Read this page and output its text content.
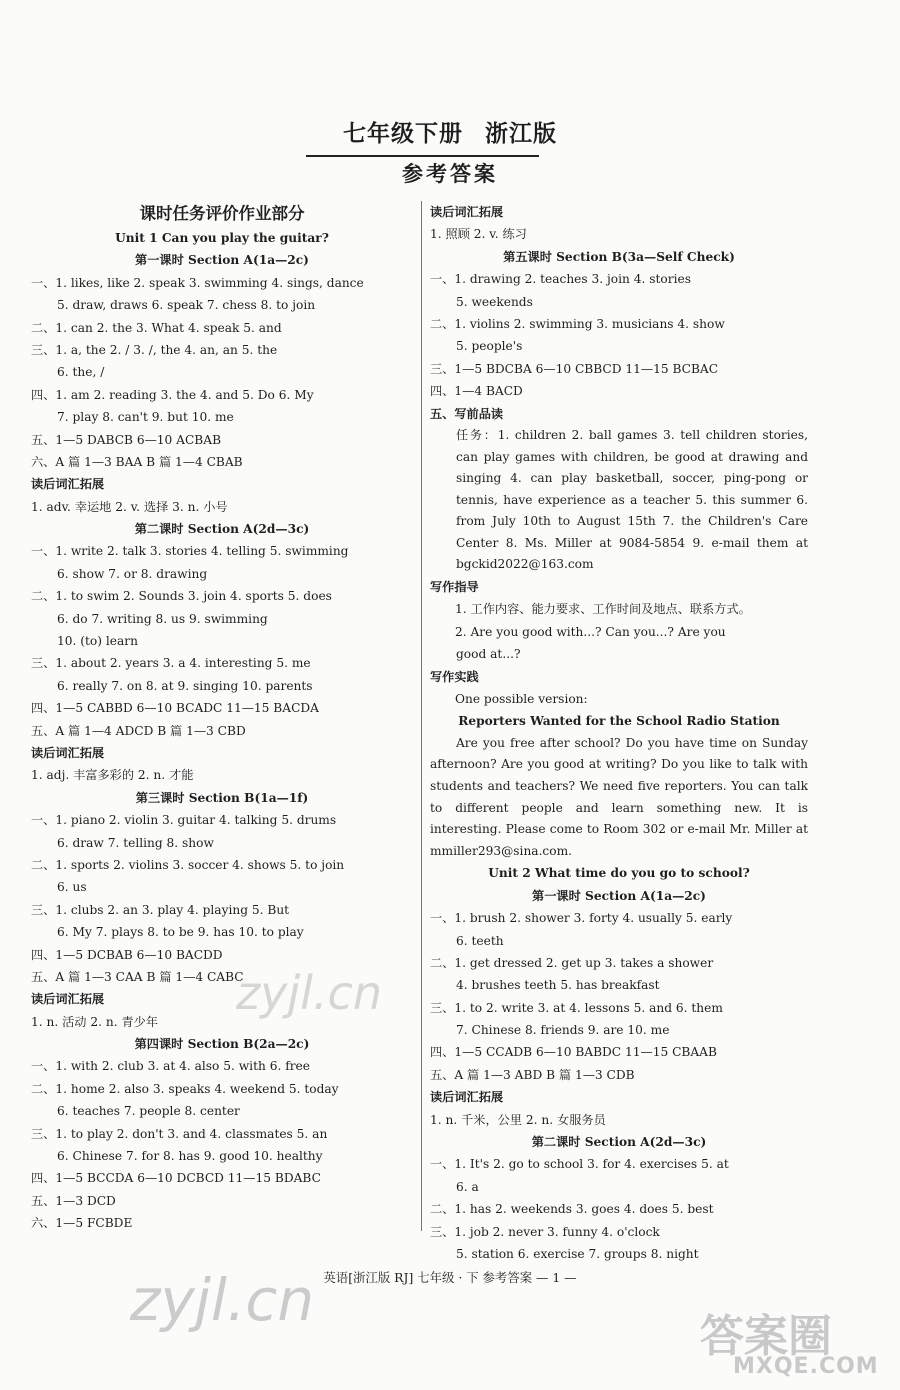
七年级下册 浙江版
参考答案
课时任务评价作业部分
Unit 1 Can you play the guitar?
第一课时 Section A(1a—2c)
一、1. likes, like 2. speak 3. swimming 4. sings, dance
5. draw, draws 6. speak 7. chess 8. to join
二、1. can 2. the 3. What 4. speak 5. and
三、1. a, the 2. / 3. /, the 4. an, an 5. the
6. the, /
四、1. am 2. reading 3. the 4. and 5. Do 6. My
7. play 8. can't 9. but 10. me
五、1—5 DABCB 6—10 ACBAB
六、A 篇 1—3 BAA B 篇 1—4 CBAB
读后词汇拓展
1. adv. 幸运地 2. v. 选择 3. n. 小号
第二课时 Section A(2d—3c)
一、1. write 2. talk 3. stories 4. telling 5. swimming
6. show 7. or 8. drawing
二、1. to swim 2. Sounds 3. join 4. sports 5. does
6. do 7. writing 8. us 9. swimming
10. (to) learn
三、1. about 2. years 3. a 4. interesting 5. me
6. really 7. on 8. at 9. singing 10. parents
四、1—5 CABBD 6—10 BCADC 11—15 BACDA
五、A 篇 1—4 ADCD B 篇 1—3 CBD
读后词汇拓展
1. adj. 丰富多彩的 2. n. 才能
第三课时 Section B(1a—1f)
一、1. piano 2. violin 3. guitar 4. talking 5. drums
6. draw 7. telling 8. show
二、1. sports 2. violins 3. soccer 4. shows 5. to join
6. us
三、1. clubs 2. an 3. play 4. playing 5. But
6. My 7. plays 8. to be 9. has 10. to play
四、1—5 DCBAB 6—10 BACDD
五、A 篇 1—3 CAA B 篇 1—4 CABC
读后词汇拓展
1. n. 活动 2. n. 青少年
第四课时 Section B(2a—2c)
一、1. with 2. club 3. at 4. also 5. with 6. free
二、1. home 2. also 3. speaks 4. weekend 5. today
6. teaches 7. people 8. center
三、1. to play 2. don't 3. and 4. classmates 5. an
6. Chinese 7. for 8. has 9. good 10. healthy
四、1—5 BCCDA 6—10 DCBCD 11—15 BDABC
五、1—3 DCD
六、1—5 FCBDE
读后词汇拓展
1. 照顾 2. v. 练习
第五课时 Section B(3a—Self Check)
一、1. drawing 2. teaches 3. join 4. stories
5. weekends
二、1. violins 2. swimming 3. musicians 4. show
5. people's
三、1—5 BDCBA 6—10 CBBCD 11—15 BCBAC
四、1—4 BACD
五、写前品读
任务：1. children 2. ball games 3. tell children stories, can play games with children, be good at drawing and singing 4. can play basketball, soccer, ping-pong or tennis, have experience as a teacher 5. this summer 6. from July 10th to August 15th 7. the Children's Care Center 8. Ms. Miller at 9084-5854 9. e-mail them at bgckid2022@163.com
写作指导
1. 工作内容、能力要求、工作时间及地点、联系方式。
2. Are you good with...? Can you...? Are you
good at...?
写作实践
One possible version:
Reporters Wanted for the School Radio Station
Are you free after school? Do you have time on Sunday afternoon? Are you good at writing? Do you like to talk with students and teachers? We need five reporters. You can talk to different people and learn something new. It is interesting. Please come to Room 302 or e-mail Mr. Miller at mmiller293@sina.com.
Unit 2 What time do you go to school?
第一课时 Section A(1a—2c)
一、1. brush 2. shower 3. forty 4. usually 5. early
6. teeth
二、1. get dressed 2. get up 3. takes a shower
4. brushes teeth 5. has breakfast
三、1. to 2. write 3. at 4. lessons 5. and 6. them
7. Chinese 8. friends 9. are 10. me
四、1—5 CCADB 6—10 BABDC 11—15 CBAAB
五、A 篇 1—3 ABD B 篇 1—3 CDB
读后词汇拓展
1. n. 千米，公里 2. n. 女服务员
第二课时 Section A(2d—3c)
一、1. It's 2. go to school 3. for 4. exercises 5. at
6. a
二、1. has 2. weekends 3. goes 4. does 5. best
三、1. job 2. never 3. funny 4. o'clock
5. station 6. exercise 7. groups 8. night
英语[浙江版 RJ] 七年级 · 下 参考答案 — 1 —
zyjl.cn
zyjl.cn
答案圈
MXQE.COM
